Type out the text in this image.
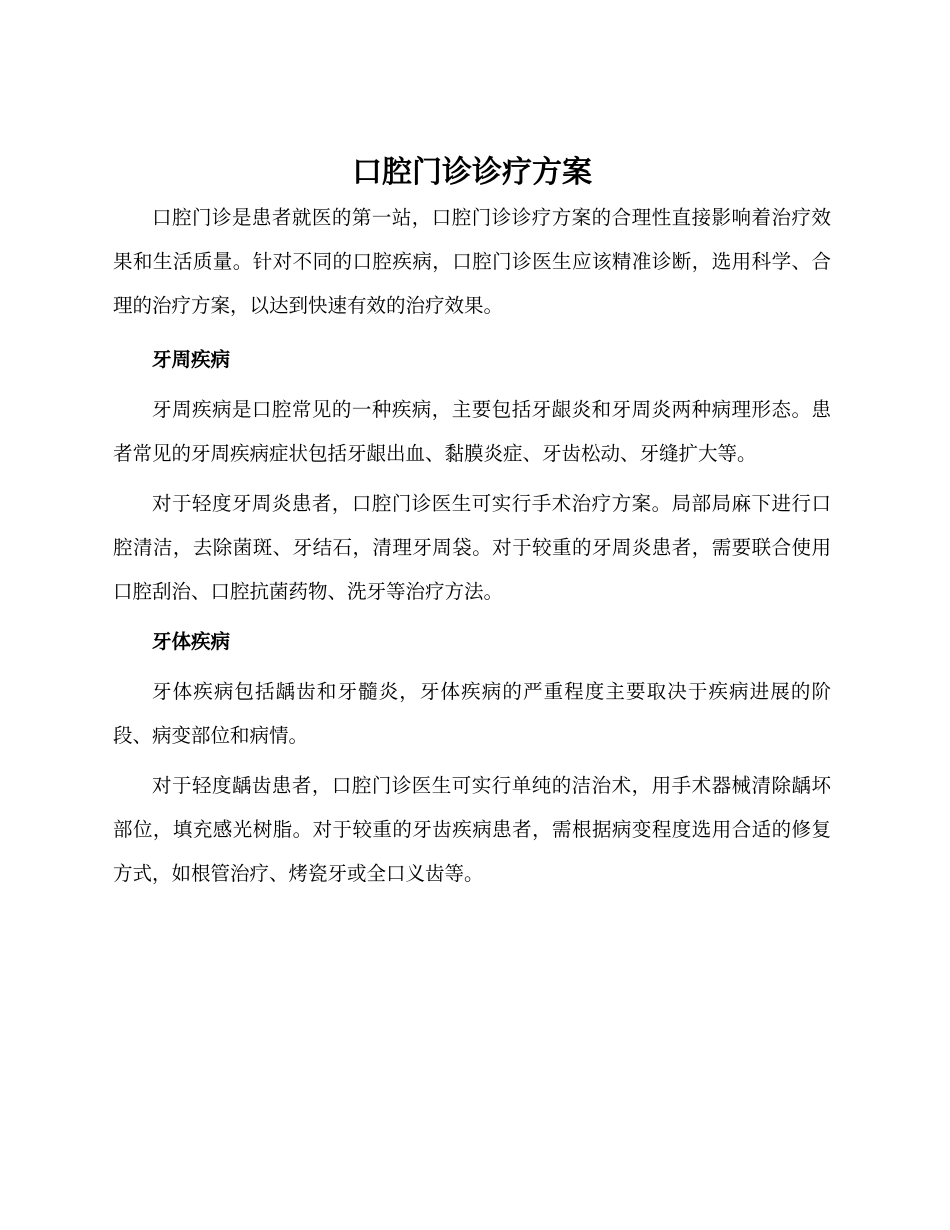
口腔门诊诊疗方案

口腔门诊是患者就医的第一站，口腔门诊诊疗方案的合理性直接影响着治疗效果和生活质量。针对不同的口腔疾病，口腔门诊医生应该精准诊断，选用科学、合理的治疗方案，以达到快速有效的治疗效果。

牙周疾病

牙周疾病是口腔常见的一种疾病，主要包括牙龈炎和牙周炎两种病理形态。患者常见的牙周疾病症状包括牙龈出血、黏膜炎症、牙齿松动、牙缝扩大等。

对于轻度牙周炎患者，口腔门诊医生可实行手术治疗方案。局部局麻下进行口腔清洁，去除菌斑、牙结石，清理牙周袋。对于较重的牙周炎患者，需要联合使用口腔刮治、口腔抗菌药物、洗牙等治疗方法。

牙体疾病

牙体疾病包括龋齿和牙髓炎，牙体疾病的严重程度主要取决于疾病进展的阶段、病变部位和病情。

对于轻度龋齿患者，口腔门诊医生可实行单纯的洁治术，用手术器械清除龋坏部位，填充感光树脂。对于较重的牙齿疾病患者，需根据病变程度选用合适的修复方式，如根管治疗、烤瓷牙或全口义齿等。
